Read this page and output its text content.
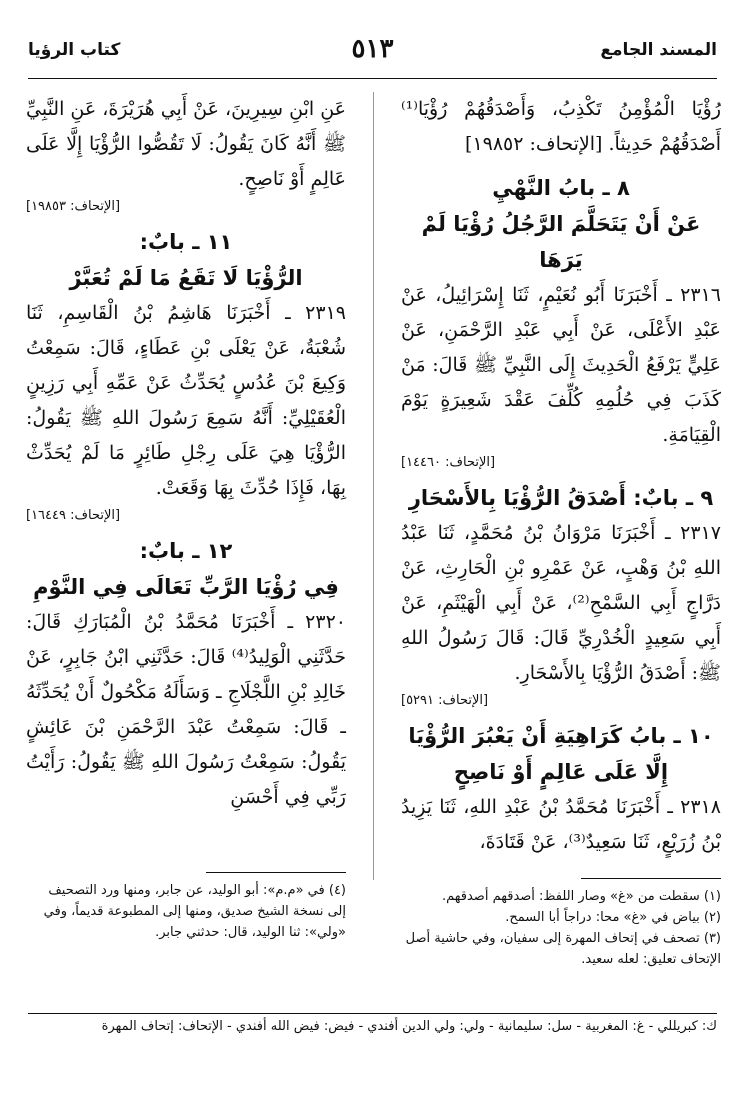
المسند الجامع
٥١٣
كتاب الرؤيا

رُؤْيَا الْمُؤْمِنُ تَكْذِبُ، وَأَصْدَقُهُمْ رُؤْيَا⁽¹⁾ أَصْدَقُهُمْ حَدِيثاً. [الإتحاف: ١٩٨٥٢]

٨ ـ بابُ النَّهْيِ

عَنْ أَنْ يَتَحَلَّمَ الرَّجُلُ رُؤْيَا لَمْ يَرَهَا

٢٣١٦ ـ أَخْبَرَنَا أَبُو نُعَيْمٍ، ثَنَا إِسْرَائِيلُ، عَنْ عَبْدِ الأَعْلَى، عَنْ أَبِي عَبْدِ الرَّحْمَنِ، عَنْ عَلِيٍّ يَرْفَعُ الْحَدِيثَ إِلَى النَّبِيِّ ﷺ قَالَ: مَنْ كَذَبَ فِي حُلُمِهِ كُلِّفَ عَقْدَ شَعِيرَةٍ يَوْمَ الْقِيَامَةِ.

[الإتحاف: ١٤٤٦٠]

٩ ـ بابٌ: أَصْدَقُ الرُّؤْيَا بِالأَسْحَارِ

٢٣١٧ ـ أَخْبَرَنَا مَرْوَانُ بْنُ مُحَمَّدٍ، ثَنَا عَبْدُ اللهِ بْنُ وَهْبٍ، عَنْ عَمْرِو بْنِ الْحَارِثِ، عَنْ دَرَّاجٍ أَبِي السَّمْحِ⁽²⁾، عَنْ أَبِي الْهَيْثَمِ، عَنْ أَبِي سَعِيدٍ الْخُدْرِيِّ قَالَ: قَالَ رَسُولُ اللهِ ﷺ: أَصْدَقُ الرُّؤْيَا بِالأَسْحَارِ.

[الإتحاف: ٥٢٩١]

١٠ ـ بابُ كَرَاهِيَةِ أَنْ يَعْبُرَ الرُّؤْيَا

إِلَّا عَلَى عَالِمٍ أَوْ نَاصِحٍ

٢٣١٨ ـ أَخْبَرَنَا مُحَمَّدُ بْنُ عَبْدِ اللهِ، ثَنَا يَزِيدُ بْنُ زُرَيْعٍ، ثَنَا سَعِيدٌ⁽³⁾، عَنْ قَتَادَةَ،

عَنِ ابْنِ سِيرِينَ، عَنْ أَبِي هُرَيْرَةَ، عَنِ النَّبِيِّ ﷺ أَنَّهُ كَانَ يَقُولُ: لَا تَقُصُّوا الرُّؤْيَا إِلَّا عَلَى عَالِمٍ أَوْ نَاصِحٍ.

[الإتحاف: ١٩٨٥٣]

١١ ـ بابٌ:

الرُّؤْيَا لَا تَقَعُ مَا لَمْ تُعَبَّرْ

٢٣١٩ ـ أَخْبَرَنَا هَاشِمُ بْنُ الْقَاسِمِ، ثَنَا شُعْبَةُ، عَنْ يَعْلَى بْنِ عَطَاءٍ، قَالَ: سَمِعْتُ وَكِيعَ بْنَ عُدُسٍ يُحَدِّثُ عَنْ عَمِّهِ أَبِي رَزِينٍ الْعُقَيْلِيِّ: أَنَّهُ سَمِعَ رَسُولَ اللهِ ﷺ يَقُولُ: الرُّؤْيَا هِيَ عَلَى رِجْلِ طَائِرٍ مَا لَمْ يُحَدِّثْ بِهَا، فَإِذَا حُدِّثَ بِهَا وَقَعَتْ.

[الإتحاف: ١٦٤٤٩]

١٢ ـ بابٌ:

فِي رُؤْيَا الرَّبِّ تَعَالَى فِي النَّوْمِ

٢٣٢٠ ـ أَخْبَرَنَا مُحَمَّدُ بْنُ الْمُبَارَكِ قَالَ: حَدَّثَنِي الْوَلِيدُ⁽⁴⁾ قَالَ: حَدَّثَنِي ابْنُ جَابِرٍ، عَنْ خَالِدِ بْنِ اللَّجْلَاجِ ـ وَسَأَلَهُ مَكْحُولٌ أَنْ يُحَدِّثَهُ ـ قَالَ: سَمِعْتُ عَبْدَ الرَّحْمَنِ بْنَ عَائِشٍ يَقُولُ: سَمِعْتُ رَسُولَ اللهِ ﷺ يَقُولُ: رَأَيْتُ رَبِّي فِي أَحْسَنِ

(١) سقطت من «غ» وصار اللفظ: أصدقهم أصدقهم.

(٢) بياض في «غ» محا: دراجاً أبا السمح.

(٣) تصحف في إتحاف المهرة إلى سفيان، وفي حاشية أصل الإتحاف تعليق: لعله سعيد.

(٤) في «م.م»: أبو الوليد، عن جابر، ومنها ورد التصحيف إلى نسخة الشيخ صديق، ومنها إلى المطبوعة قديماً، وفي «ولي»: ثنا الوليد، قال: حدثني جابر.

ك: كبريللي - غ: المغربية - سل: سليمانية - ولي: ولي الدين أفندي - فيض: فيض الله أفندي - الإتحاف: إتحاف المهرة
